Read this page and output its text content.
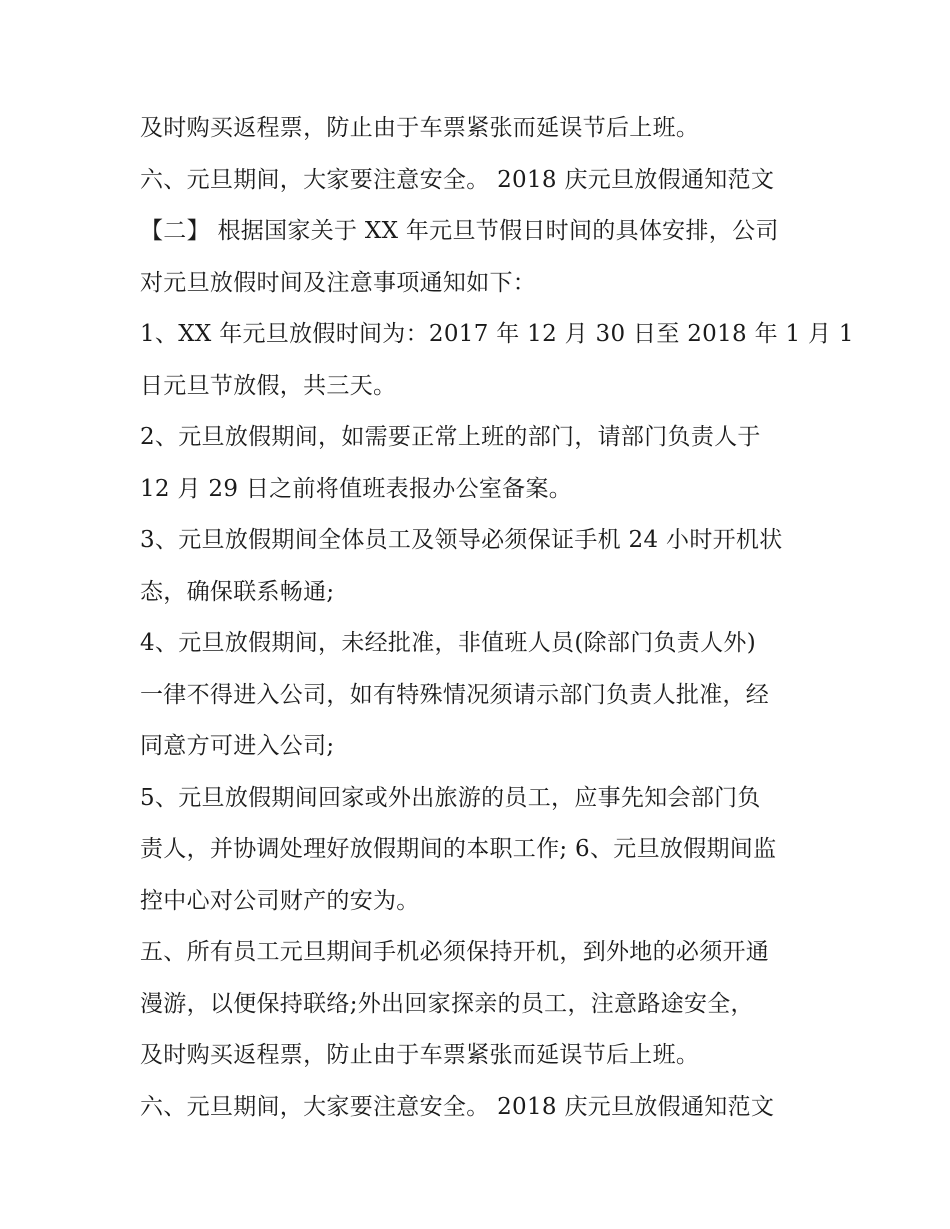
及时购买返程票，防止由于车票紧张而延误节后上班。

六、元旦期间，大家要注意安全。 2018 庆元旦放假通知范文

【二】 根据国家关于 XX 年元旦节假日时间的具体安排，公司

对元旦放假时间及注意事项通知如下：

1、XX 年元旦放假时间为：2017 年 12 月 30 日至 2018 年 1 月 1

日元旦节放假，共三天。

2、元旦放假期间，如需要正常上班的部门，请部门负责人于

12 月 29 日之前将值班表报办公室备案。

3、元旦放假期间全体员工及领导必须保证手机 24 小时开机状

态，确保联系畅通;

4、元旦放假期间，未经批准，非值班人员(除部门负责人外)

一律不得进入公司，如有特殊情况须请示部门负责人批准，经

同意方可进入公司;

5、元旦放假期间回家或外出旅游的员工，应事先知会部门负

责人，并协调处理好放假期间的本职工作; 6、元旦放假期间监

控中心对公司财产的安为。

五、所有员工元旦期间手机必须保持开机，到外地的必须开通

漫游，以便保持联络;外出回家探亲的员工，注意路途安全，

及时购买返程票，防止由于车票紧张而延误节后上班。

六、元旦期间，大家要注意安全。 2018 庆元旦放假通知范文
